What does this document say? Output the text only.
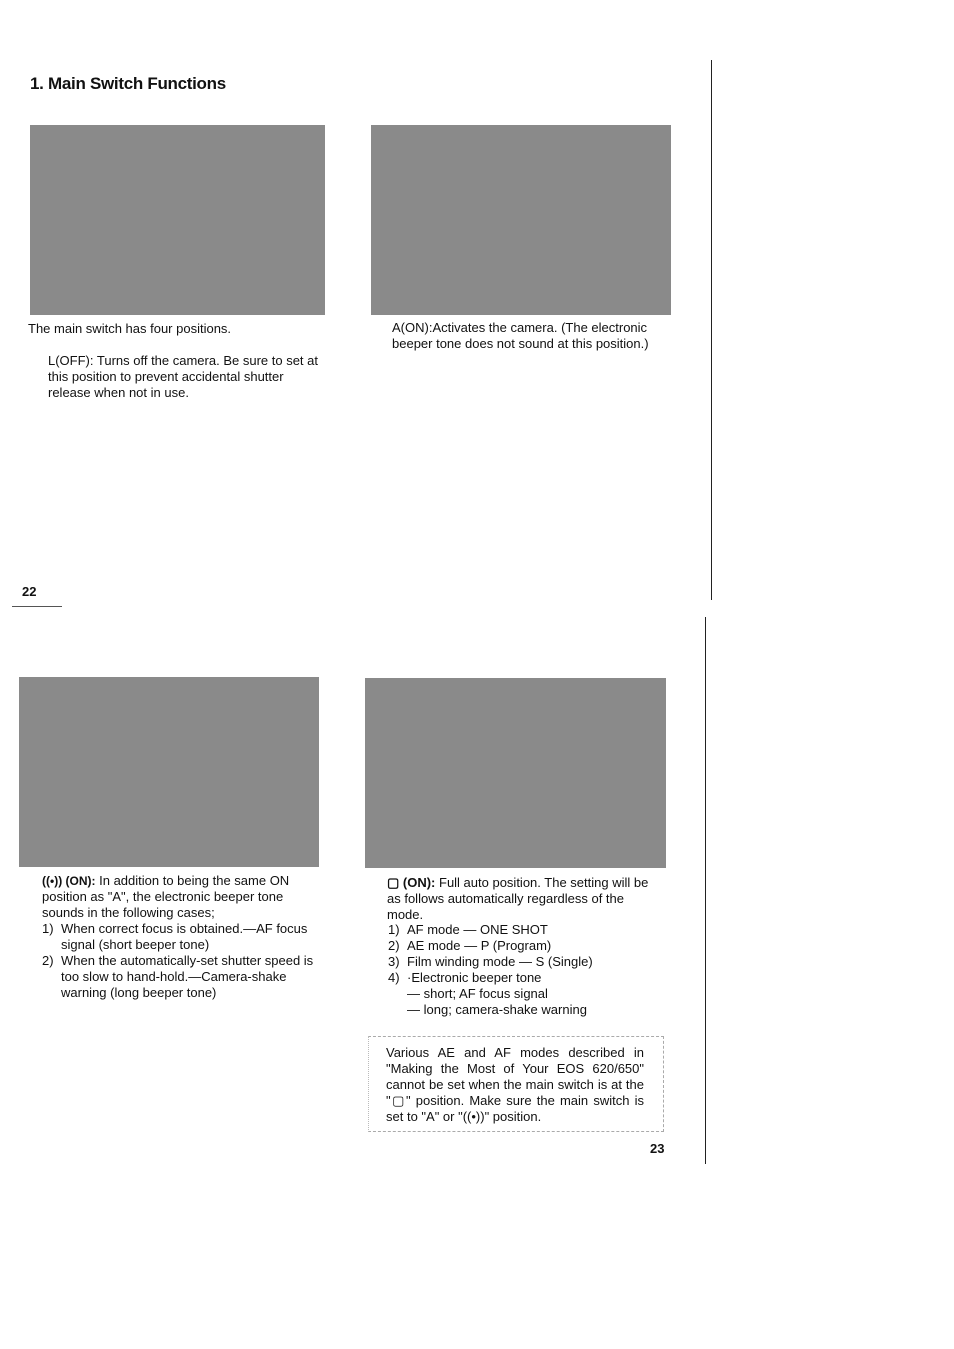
1. Main Switch Functions
The main switch has four positions.
L(OFF): Turns off the camera. Be sure to set at this position to prevent accidental shutter release when not in use.
A(ON):Activates the camera. (The electronic beeper tone does not sound at this position.)
22
((•)) (ON): In addition to being the same ON position as "A", the electronic beeper tone sounds in the following cases;
1) When correct focus is obtained.—AF focus signal (short beeper tone)
2) When the automatically-set shutter speed is too slow to hand-hold.—Camera-shake warning (long beeper tone)
▢ (ON): Full auto position. The setting will be as follows automatically regardless of the mode.
1) AF mode — ONE SHOT
2) AE mode — P (Program)
3) Film winding mode — S (Single)
4) ·Electronic beeper tone
— short; AF focus signal
— long; camera-shake warning
Various AE and AF modes described in "Making the Most of Your EOS 620/650" cannot be set when the main switch is at the "▢" position. Make sure the main switch is set to "A" or "((•))" position.
23
